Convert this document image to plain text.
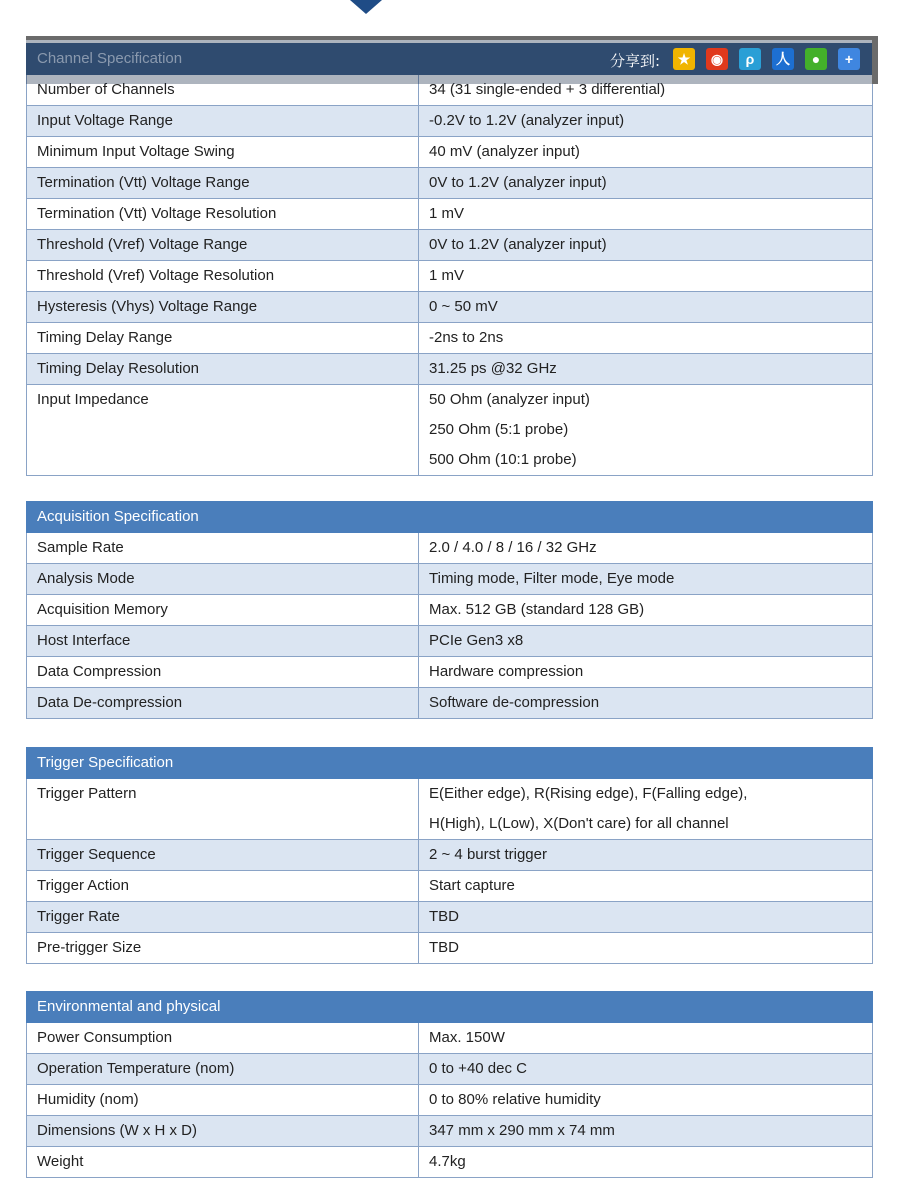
Channel Specification	
Number of Channels	34 (31 single-ended + 3 differential)

Input Voltage Range	-0.2V to 1.2V (analyzer input)

Minimum Input Voltage Swing	40 mV (analyzer input)

Termination (Vtt) Voltage Range	0V to 1.2V (analyzer input)

Termination (Vtt) Voltage Resolution	1 mV

Threshold (Vref) Voltage Range	0V to 1.2V (analyzer input)

Threshold (Vref) Voltage Resolution	1 mV

Hysteresis (Vhys) Voltage Range	0 ~ 50 mV

Timing Delay Range	-2ns to 2ns

Timing Delay Resolution	31.25 ps @32 GHz

Input Impedance	50 Ohm (analyzer input)
250 Ohm (5:1 probe)
500 Ohm (10:1 probe)
Acquisition Specification	
Sample Rate	2.0 / 4.0 / 8 / 16 / 32 GHz

Analysis Mode	Timing mode, Filter mode, Eye mode

Acquisition Memory	Max. 512 GB (standard 128 GB)

Host Interface	PCIe Gen3 x8

Data Compression	Hardware compression

Data De-compression	Software de-compression
Trigger Specification	
Trigger Pattern	E(Either edge), R(Rising edge), F(Falling edge),
H(High), L(Low), X(Don't care) for all channel

Trigger Sequence	2 ~ 4 burst trigger

Trigger Action	Start capture

Trigger Rate	TBD

Pre-trigger Size	TBD
Environmental and physical	
Power Consumption	Max. 150W

Operation Temperature (nom)	0 to +40 dec C

Humidity (nom)	0 to 80% relative humidity

Dimensions (W x H x D)	347 mm x 290 mm x 74 mm

Weight	4.7kg
分享到:	★	◉	ρ	人	●	+
